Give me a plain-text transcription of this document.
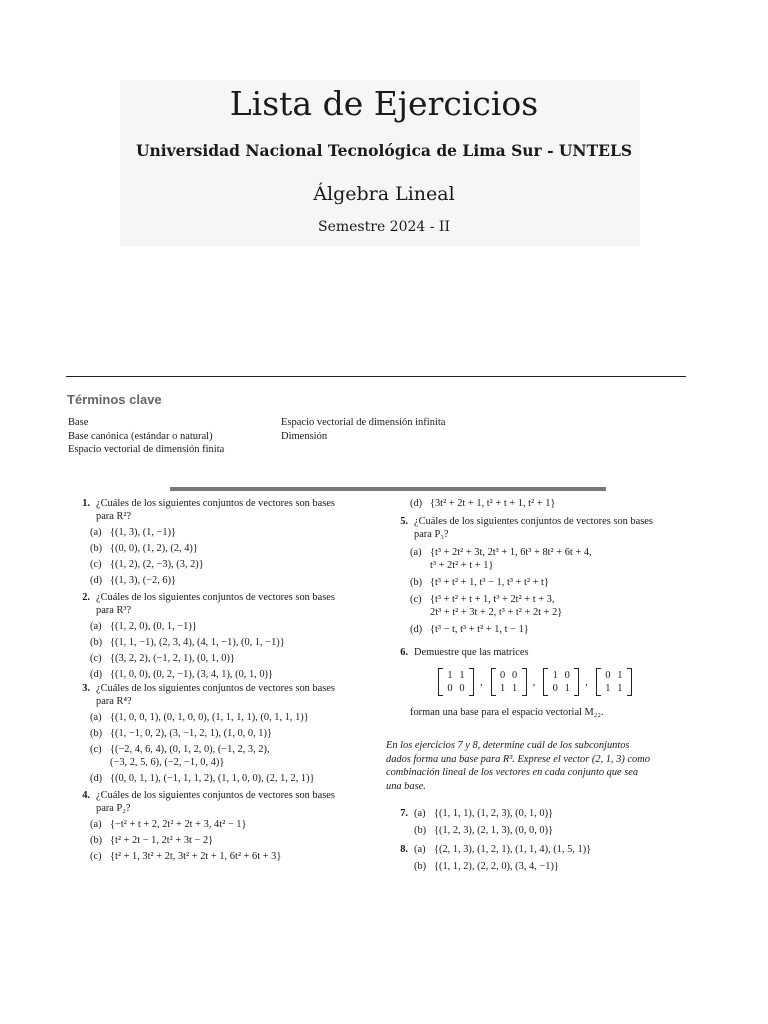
Lista de Ejercicios
Universidad Nacional Tecnológica de Lima Sur - UNTELS
Álgebra Lineal
Semestre 2024 - II
Términos clave
Base
Base canónica (estándar o natural)
Espacio vectorial de dimensión finita
Espacio vectorial de dimensión infinita
Dimensión
1. ¿Cuáles de los siguientes conjuntos de vectores son bases
para R²?
(a) {(1, 3), (1, −1)}
(b) {(0, 0), (1, 2), (2, 4)}
(c) {(1, 2), (2, −3), (3, 2)}
(d) {(1, 3), (−2, 6)}
2. ¿Cuáles de los siguientes conjuntos de vectores son bases
para R³?
(a) {(1, 2, 0), (0, 1, −1)}
(b) {(1, 1, −1), (2, 3, 4), (4, 1, −1), (0, 1, −1)}
(c) {(3, 2, 2), (−1, 2, 1), (0, 1, 0)}
(d) {(1, 0, 0), (0, 2, −1), (3, 4, 1), (0, 1, 0)}
3. ¿Cuáles de los siguientes conjuntos de vectores son bases
para R⁴?
(a) {(1, 0, 0, 1), (0, 1, 0, 0), (1, 1, 1, 1), (0, 1, 1, 1)}
(b) {(1, −1, 0, 2), (3, −1, 2, 1), (1, 0, 0, 1)}
(c) {(−2, 4, 6, 4), (0, 1, 2, 0), (−1, 2, 3, 2),
(−3, 2, 5, 6), (−2, −1, 0, 4)}
(d) {(0, 0, 1, 1), (−1, 1, 1, 2), (1, 1, 0, 0), (2, 1, 2, 1)}
4. ¿Cuáles de los siguientes conjuntos de vectores son bases
para P₂?
(a) {−t² + t + 2, 2t² + 2t + 3, 4t² − 1}
(b) {t² + 2t − 1, 2t² + 3t − 2}
(c) {t² + 1, 3t² + 2t, 3t² + 2t + 1, 6t² + 6t + 3}
(d) {3t² + 2t + 1, t² + t + 1, t² + 1}
5. ¿Cuáles de los siguientes conjuntos de vectores son bases
para P₃?
(a) {t³ + 2t² + 3t, 2t³ + 1, 6t³ + 8t² + 6t + 4,
t³ + 2t² + t + 1}
(b) {t³ + t² + 1, t³ − 1, t³ + t² + t}
(c) {t³ + t² + t + 1, t³ + 2t² + t + 3,
2t³ + t² + 3t + 2, t³ + t² + 2t + 2}
(d) {t³ − t, t³ + t² + 1, t − 1}
6. Demuestre que las matrices
1 1
0 0
,
0 0
1 1
,
1 0
0 1
,
0 1
1 1
forman una base para el espacio vectorial M₂₂.
En los ejercicios 7 y 8, determine cuál de los subconjuntos
dados forma una base para R³. Exprese el vector (2, 1, 3) como
combinación lineal de los vectores en cada conjunto que sea
una base.
7. (a) {(1, 1, 1), (1, 2, 3), (0, 1, 0)}
(b) {(1, 2, 3), (2, 1, 3), (0, 0, 0)}
8. (a) {(2, 1, 3), (1, 2, 1), (1, 1, 4), (1, 5, 1)}
(b) {(1, 1, 2), (2, 2, 0), (3, 4, −1)}
